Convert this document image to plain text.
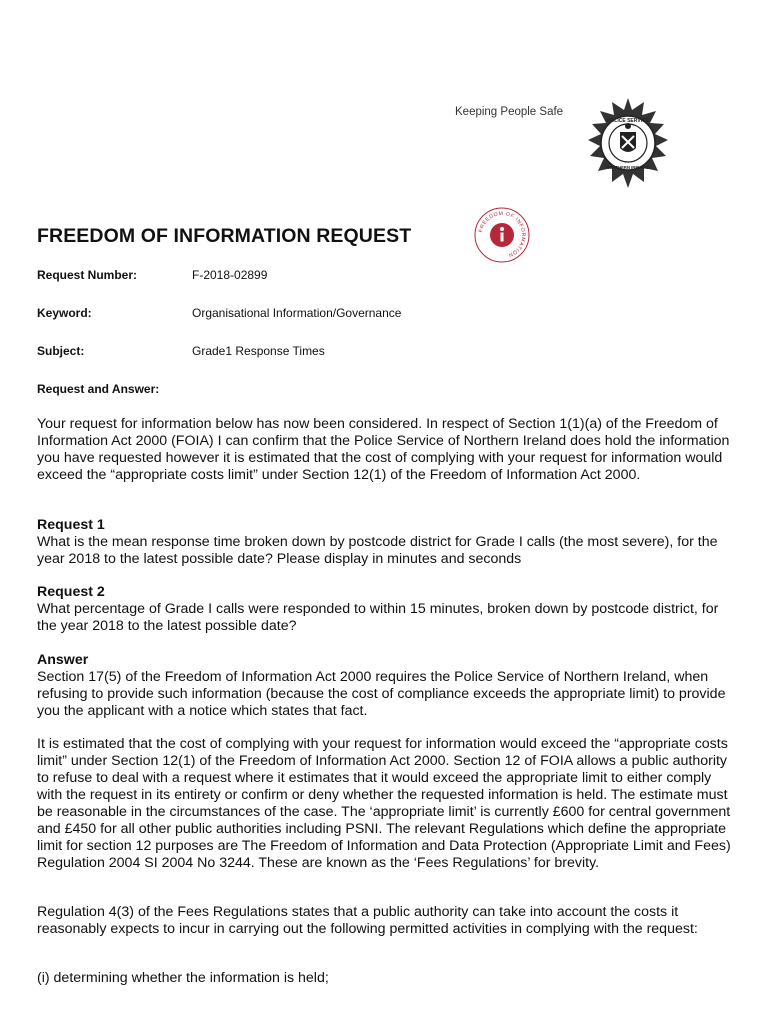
Keeping People Safe
POLICE SERVICE
NORTHERN IRELAND
FREEDOM OF INFORMATION
FREEDOM OF INFORMATION REQUEST
Request Number:	F-2018-02899
Keyword:	Organisational Information/Governance
Subject:	Grade1 Response Times
Request and Answer:

Your request for information below has now been considered. In respect of Section 1(1)(a) of the Freedom of Information Act 2000 (FOIA) I can confirm that the Police Service of Northern Ireland does hold the information you have requested however it is estimated that the cost of complying with your request for information would exceed the “appropriate costs limit” under Section 12(1) of the Freedom of Information Act 2000.

Request 1

What is the mean response time broken down by postcode district for Grade I calls (the most severe), for the year 2018 to the latest possible date? Please display in minutes and seconds

Request 2

What percentage of Grade I calls were responded to within 15 minutes, broken down by postcode district, for the year 2018 to the latest possible date?

Answer

Section 17(5) of the Freedom of Information Act 2000 requires the Police Service of Northern Ireland, when refusing to provide such information (because the cost of compliance exceeds the appropriate limit) to provide you the applicant with a notice which states that fact.

It is estimated that the cost of complying with your request for information would exceed the “appropriate costs limit” under Section 12(1) of the Freedom of Information Act 2000. Section 12 of FOIA allows a public authority to refuse to deal with a request where it estimates that it would exceed the appropriate limit to either comply with the request in its entirety or confirm or deny whether the requested information is held. The estimate must be reasonable in the circumstances of the case. The ‘appropriate limit’ is currently £600 for central government and £450 for all other public authorities including PSNI. The relevant Regulations which define the appropriate limit for section 12 purposes are The Freedom of Information and Data Protection (Appropriate Limit and Fees) Regulation 2004 SI 2004 No 3244. These are known as the ‘Fees Regulations’ for brevity.

Regulation 4(3) of the Fees Regulations states that a public authority can take into account the costs it reasonably expects to incur in carrying out the following permitted activities in complying with the request:

(i) determining whether the information is held;
